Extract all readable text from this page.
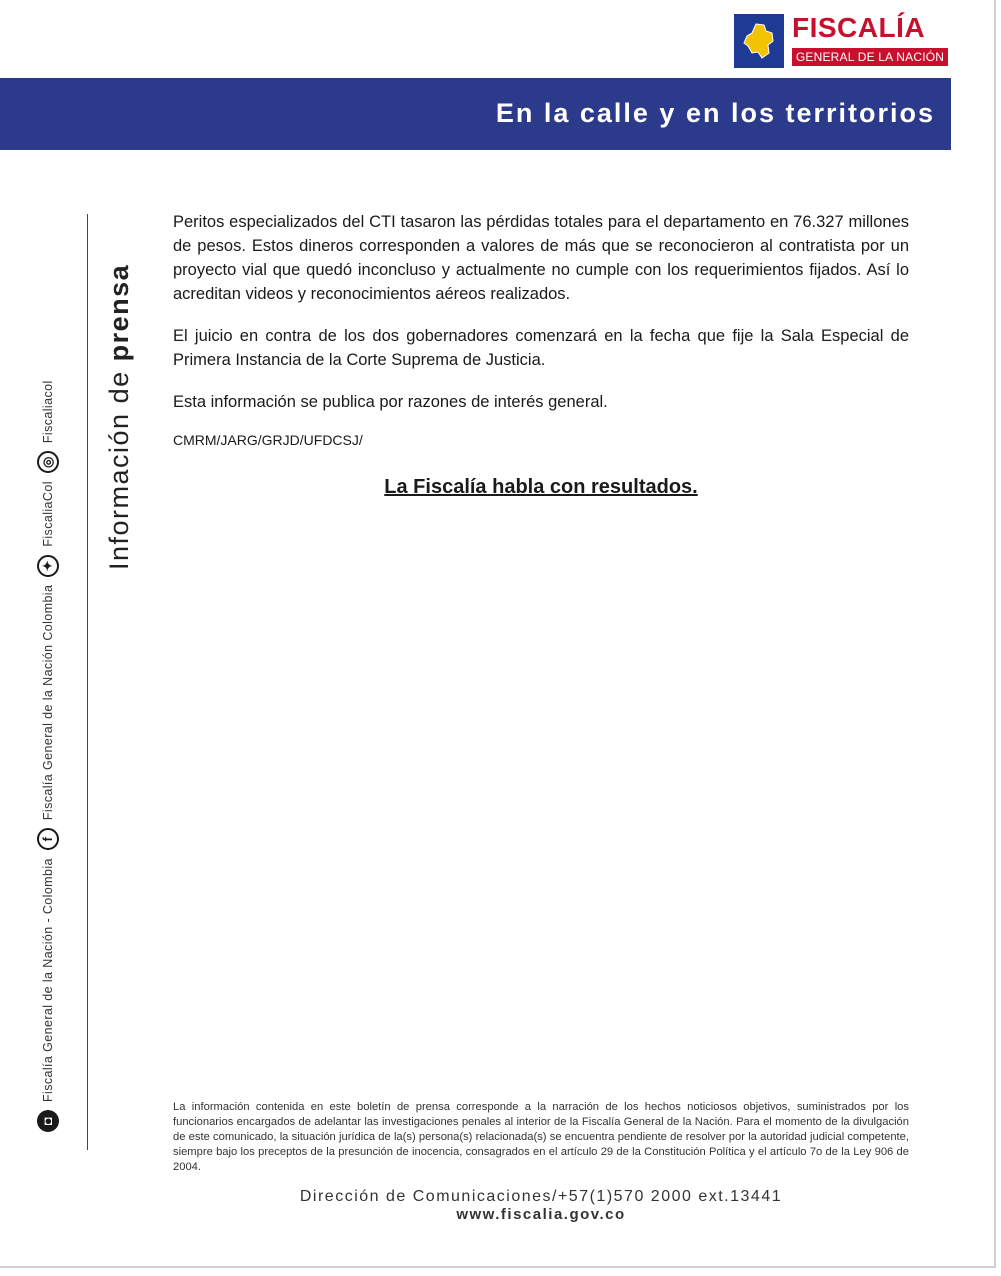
FISCALÍA
GENERAL DE LA NACIÓN
En la calle y en los territorios
◘
Fiscalía General de la Nación - Colombia
f
Fiscalía General de la Nación Colombia
✦
FiscaliaCol
◎
Fiscaliacol Información de prensa

Peritos especializados del CTI tasaron las pérdidas totales para el departamento en 76.327 millones de pesos. Estos dineros corresponden a valores de más que se reconocieron al contratista por un proyecto vial que quedó inconcluso y actualmente no cumple con los requerimientos fijados. Así lo acreditan videos y reconocimientos aéreos realizados.

El juicio en contra de los dos gobernadores comenzará en la fecha que fije la Sala Especial de Primera Instancia de la Corte Suprema de Justicia.

Esta información se publica por razones de interés general.

CMRM/JARG/GRJD/UFDCSJ/

La Fiscalía habla con resultados.
La información contenida en este boletín de prensa corresponde a la narración de los hechos noticiosos objetivos, suministrados por los funcionarios encargados de adelantar las investigaciones penales al interior de la Fiscalía General de la Nación. Para el momento de la divulgación de este comunicado, la situación jurídica de la(s) persona(s) relacionada(s) se encuentra pendiente de resolver por la autoridad judicial competente, siempre bajo los preceptos de la presunción de inocencia, consagrados en el artículo 29 de la Constitución Política y el artículo 7o de la Ley 906 de 2004.
Dirección de Comunicaciones/+57(1)570 2000 ext.13441
www.fiscalia.gov.co
